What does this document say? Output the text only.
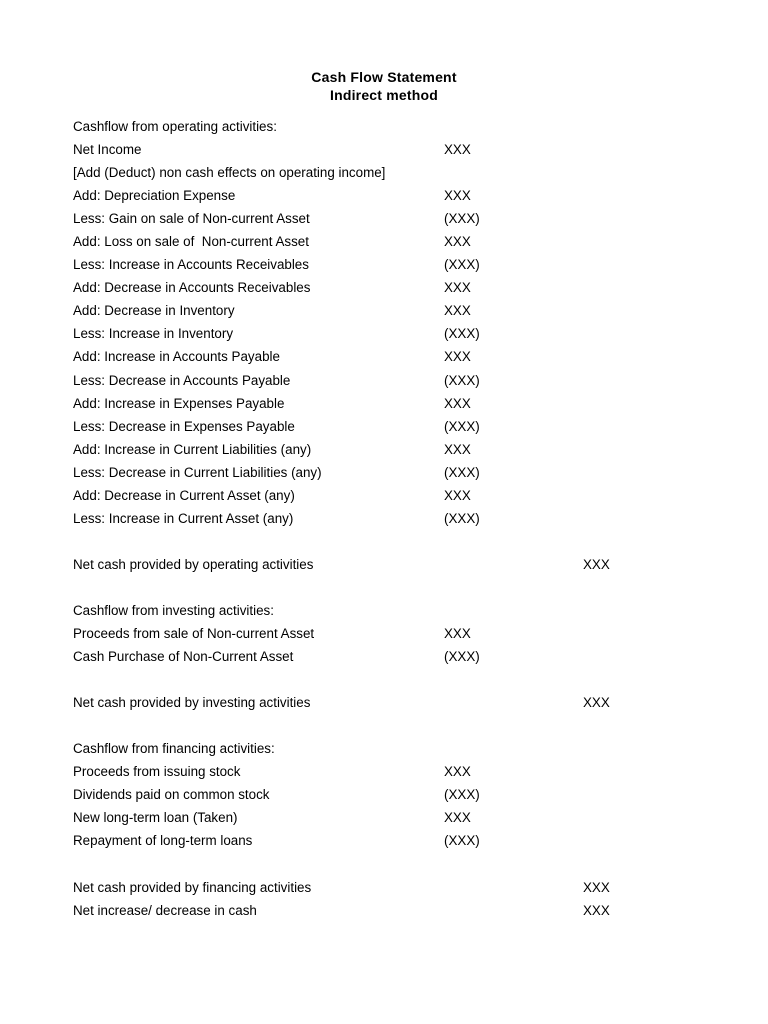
Cash Flow Statement
Indirect method
Cashflow from operating activities:
Net Income	XXX
[Add (Deduct) non cash effects on operating income]
Add: Depreciation Expense	XXX
Less: Gain on sale of Non-current Asset	(XXX)
Add: Loss on sale of  Non-current Asset	XXX
Less: Increase in Accounts Receivables	(XXX)
Add: Decrease in Accounts Receivables	XXX
Add: Decrease in Inventory	XXX
Less: Increase in Inventory	(XXX)
Add: Increase in Accounts Payable	XXX
Less: Decrease in Accounts Payable	(XXX)
Add: Increase in Expenses Payable	XXX
Less: Decrease in Expenses Payable	(XXX)
Add: Increase in Current Liabilities (any)	XXX
Less: Decrease in Current Liabilities (any)	(XXX)
Add: Decrease in Current Asset (any)	XXX
Less: Increase in Current Asset (any)	(XXX)
Net cash provided by operating activities	XXX
Cashflow from investing activities:
Proceeds from sale of Non-current Asset	XXX
Cash Purchase of Non-Current Asset	(XXX)
Net cash provided by investing activities	XXX
Cashflow from financing activities:
Proceeds from issuing stock	XXX
Dividends paid on common stock	(XXX)
New long-term loan (Taken)	XXX
Repayment of long-term loans	(XXX)
Net cash provided by financing activities	XXX
Net increase/ decrease in cash	XXX
